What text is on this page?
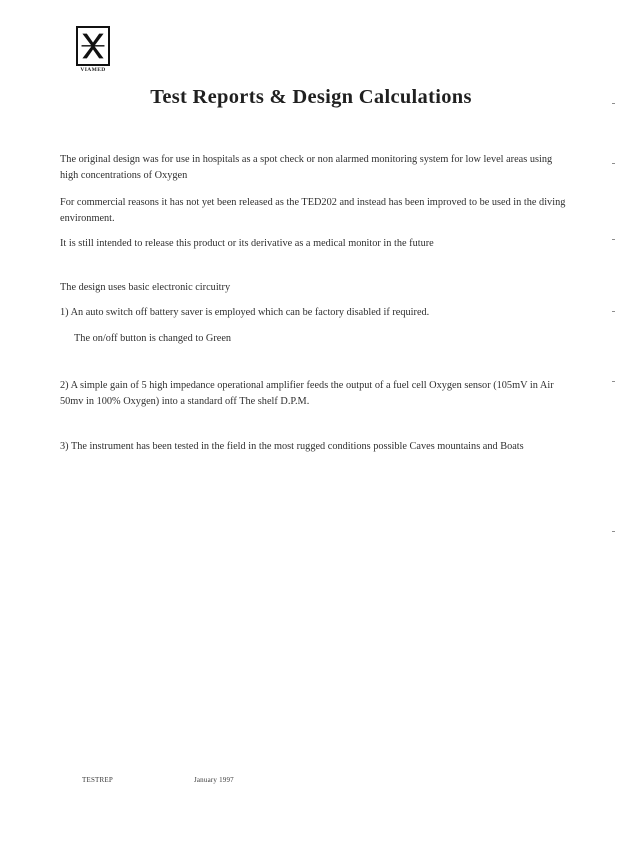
VIAMED
Test Reports & Design Calculations

The original design was for use in hospitals as a spot check or non alarmed monitoring system for low level areas using high concentrations of Oxygen

For commercial reasons it has not yet been released as the TED202 and instead has been improved to be used in the diving environment.

It is still intended to release this product or its derivative as a medical monitor in the future

The design uses basic electronic circuitry

1) An auto switch off battery saver is employed which can be factory disabled if required.

The on/off button is changed to Green

2) A simple gain of 5 high impedance operational amplifier feeds the output of a fuel cell Oxygen sensor (105mV in Air 50mv in 100% Oxygen) into a standard off The shelf D.P.M.

3) The instrument has been tested in the field in the most rugged conditions possible Caves mountains and Boats

TESTREP	January 1997
